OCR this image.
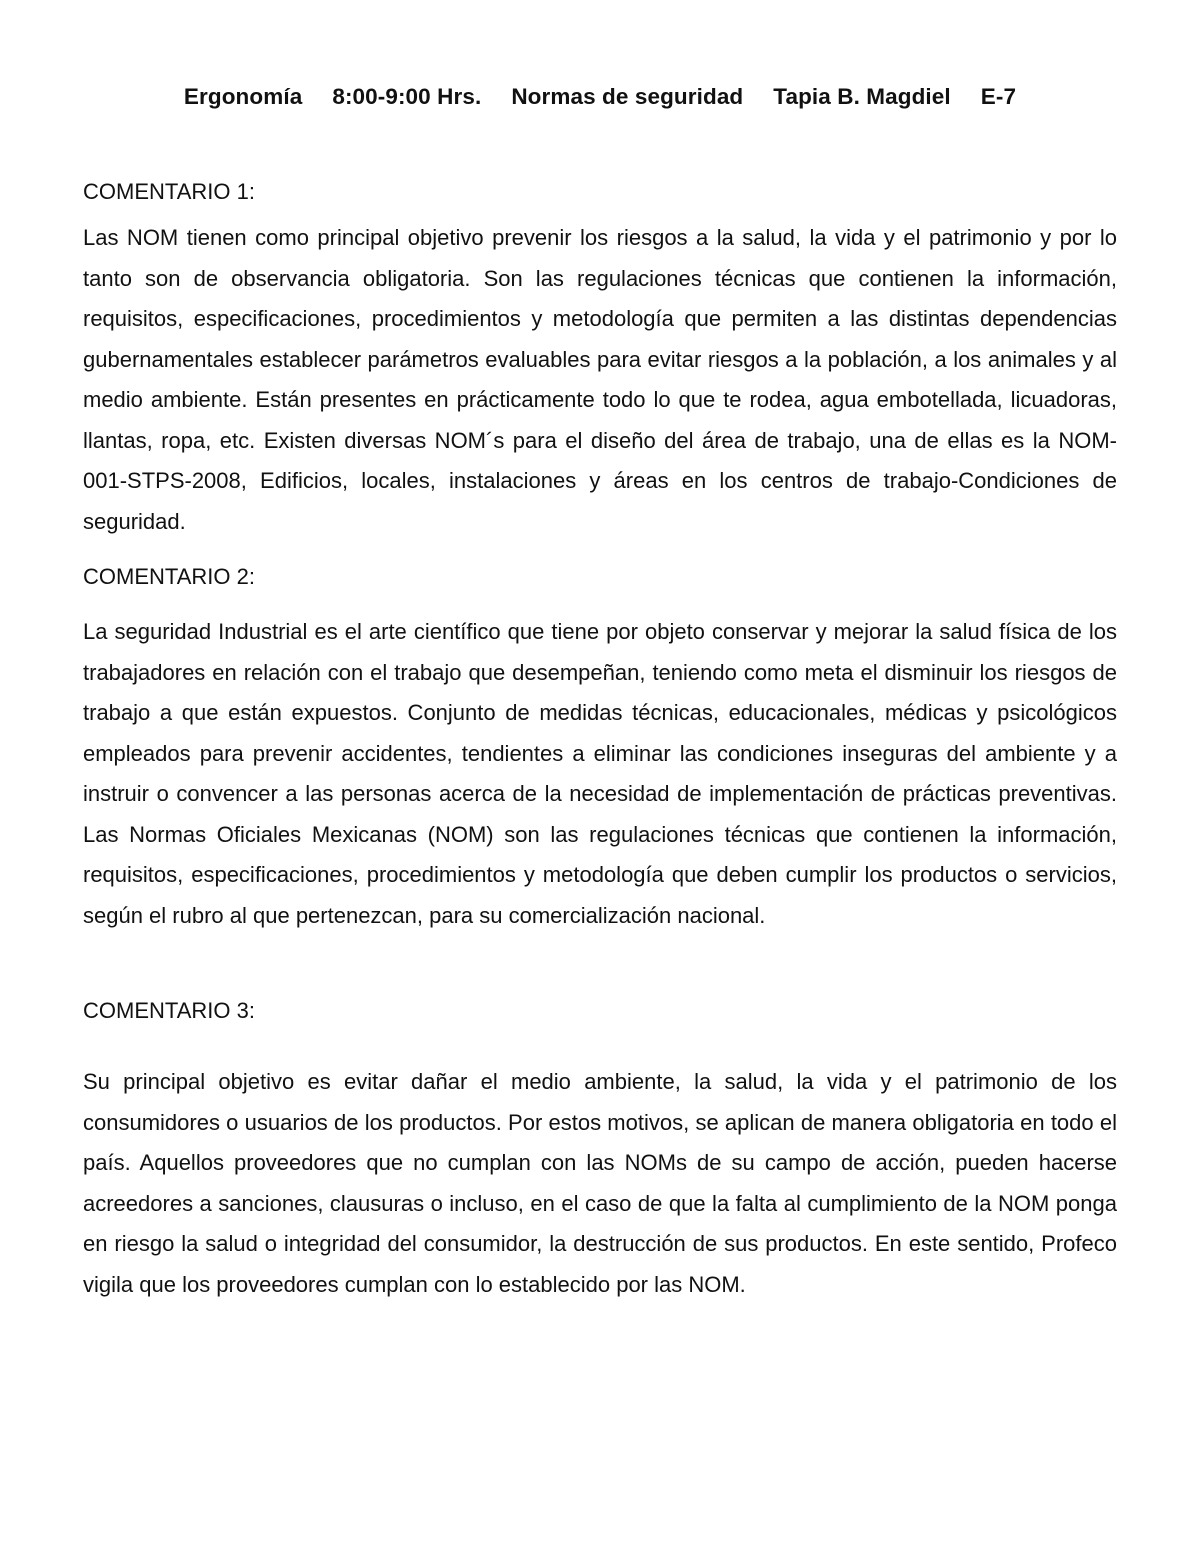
Ergonomía 8:00-9:00 Hrs. Normas de seguridad Tapia B. Magdiel E-7

COMENTARIO 1:

Las NOM tienen como principal objetivo prevenir los riesgos a la salud, la vida y el patrimonio y por lo tanto son de observancia obligatoria. Son las regulaciones técnicas que contienen la información, requisitos, especificaciones, procedimientos y metodología que permiten a las distintas dependencias gubernamentales establecer parámetros evaluables para evitar riesgos a la población, a los animales y al medio ambiente. Están presentes en prácticamente todo lo que te rodea, agua embotellada, licuadoras, llantas, ropa, etc. Existen diversas NOM´s para el diseño del área de trabajo, una de ellas es la NOM-001-STPS-2008, Edificios, locales, instalaciones y áreas en los centros de trabajo-Condiciones de seguridad.

COMENTARIO 2:

La seguridad Industrial es el arte científico que tiene por objeto conservar y mejorar la salud física de los trabajadores en relación con el trabajo que desempeñan, teniendo como meta el disminuir los riesgos de trabajo a que están expuestos. Conjunto de medidas técnicas, educacionales, médicas y psicológicos empleados para prevenir accidentes, tendientes a eliminar las condiciones inseguras del ambiente y a instruir o convencer a las personas acerca de la necesidad de implementación de prácticas preventivas. Las Normas Oficiales Mexicanas (NOM) son las regulaciones técnicas que contienen la información, requisitos, especificaciones, procedimientos y metodología que deben cumplir los productos o servicios, según el rubro al que pertenezcan, para su comercialización nacional.

COMENTARIO 3:

Su principal objetivo es evitar dañar el medio ambiente, la salud, la vida y el patrimonio de los consumidores o usuarios de los productos. Por estos motivos, se aplican de manera obligatoria en todo el país. Aquellos proveedores que no cumplan con las NOMs de su campo de acción, pueden hacerse acreedores a sanciones, clausuras o incluso, en el caso de que la falta al cumplimiento de la NOM ponga en riesgo la salud o integridad del consumidor, la destrucción de sus productos. En este sentido, Profeco vigila que los proveedores cumplan con lo establecido por las NOM.
